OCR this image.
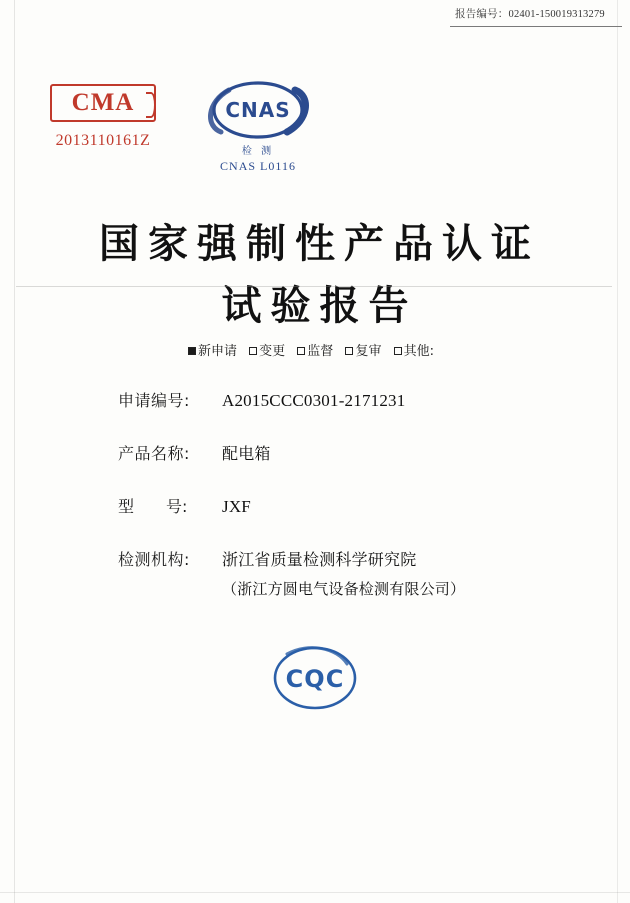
报告编号：02401-150019313279
CMA
2013110161Z
CNAS
检 测
CNAS L0116
国家强制性产品认证
试验报告
新申请 变更 监督 复审 其他:
申请编号:	A2015CCC0301-2171231
产品名称:	配电箱
型　　号:	JXF
检测机构:	浙江省质量检测科学研究院
（浙江方圆电气设备检测有限公司）
CQC
